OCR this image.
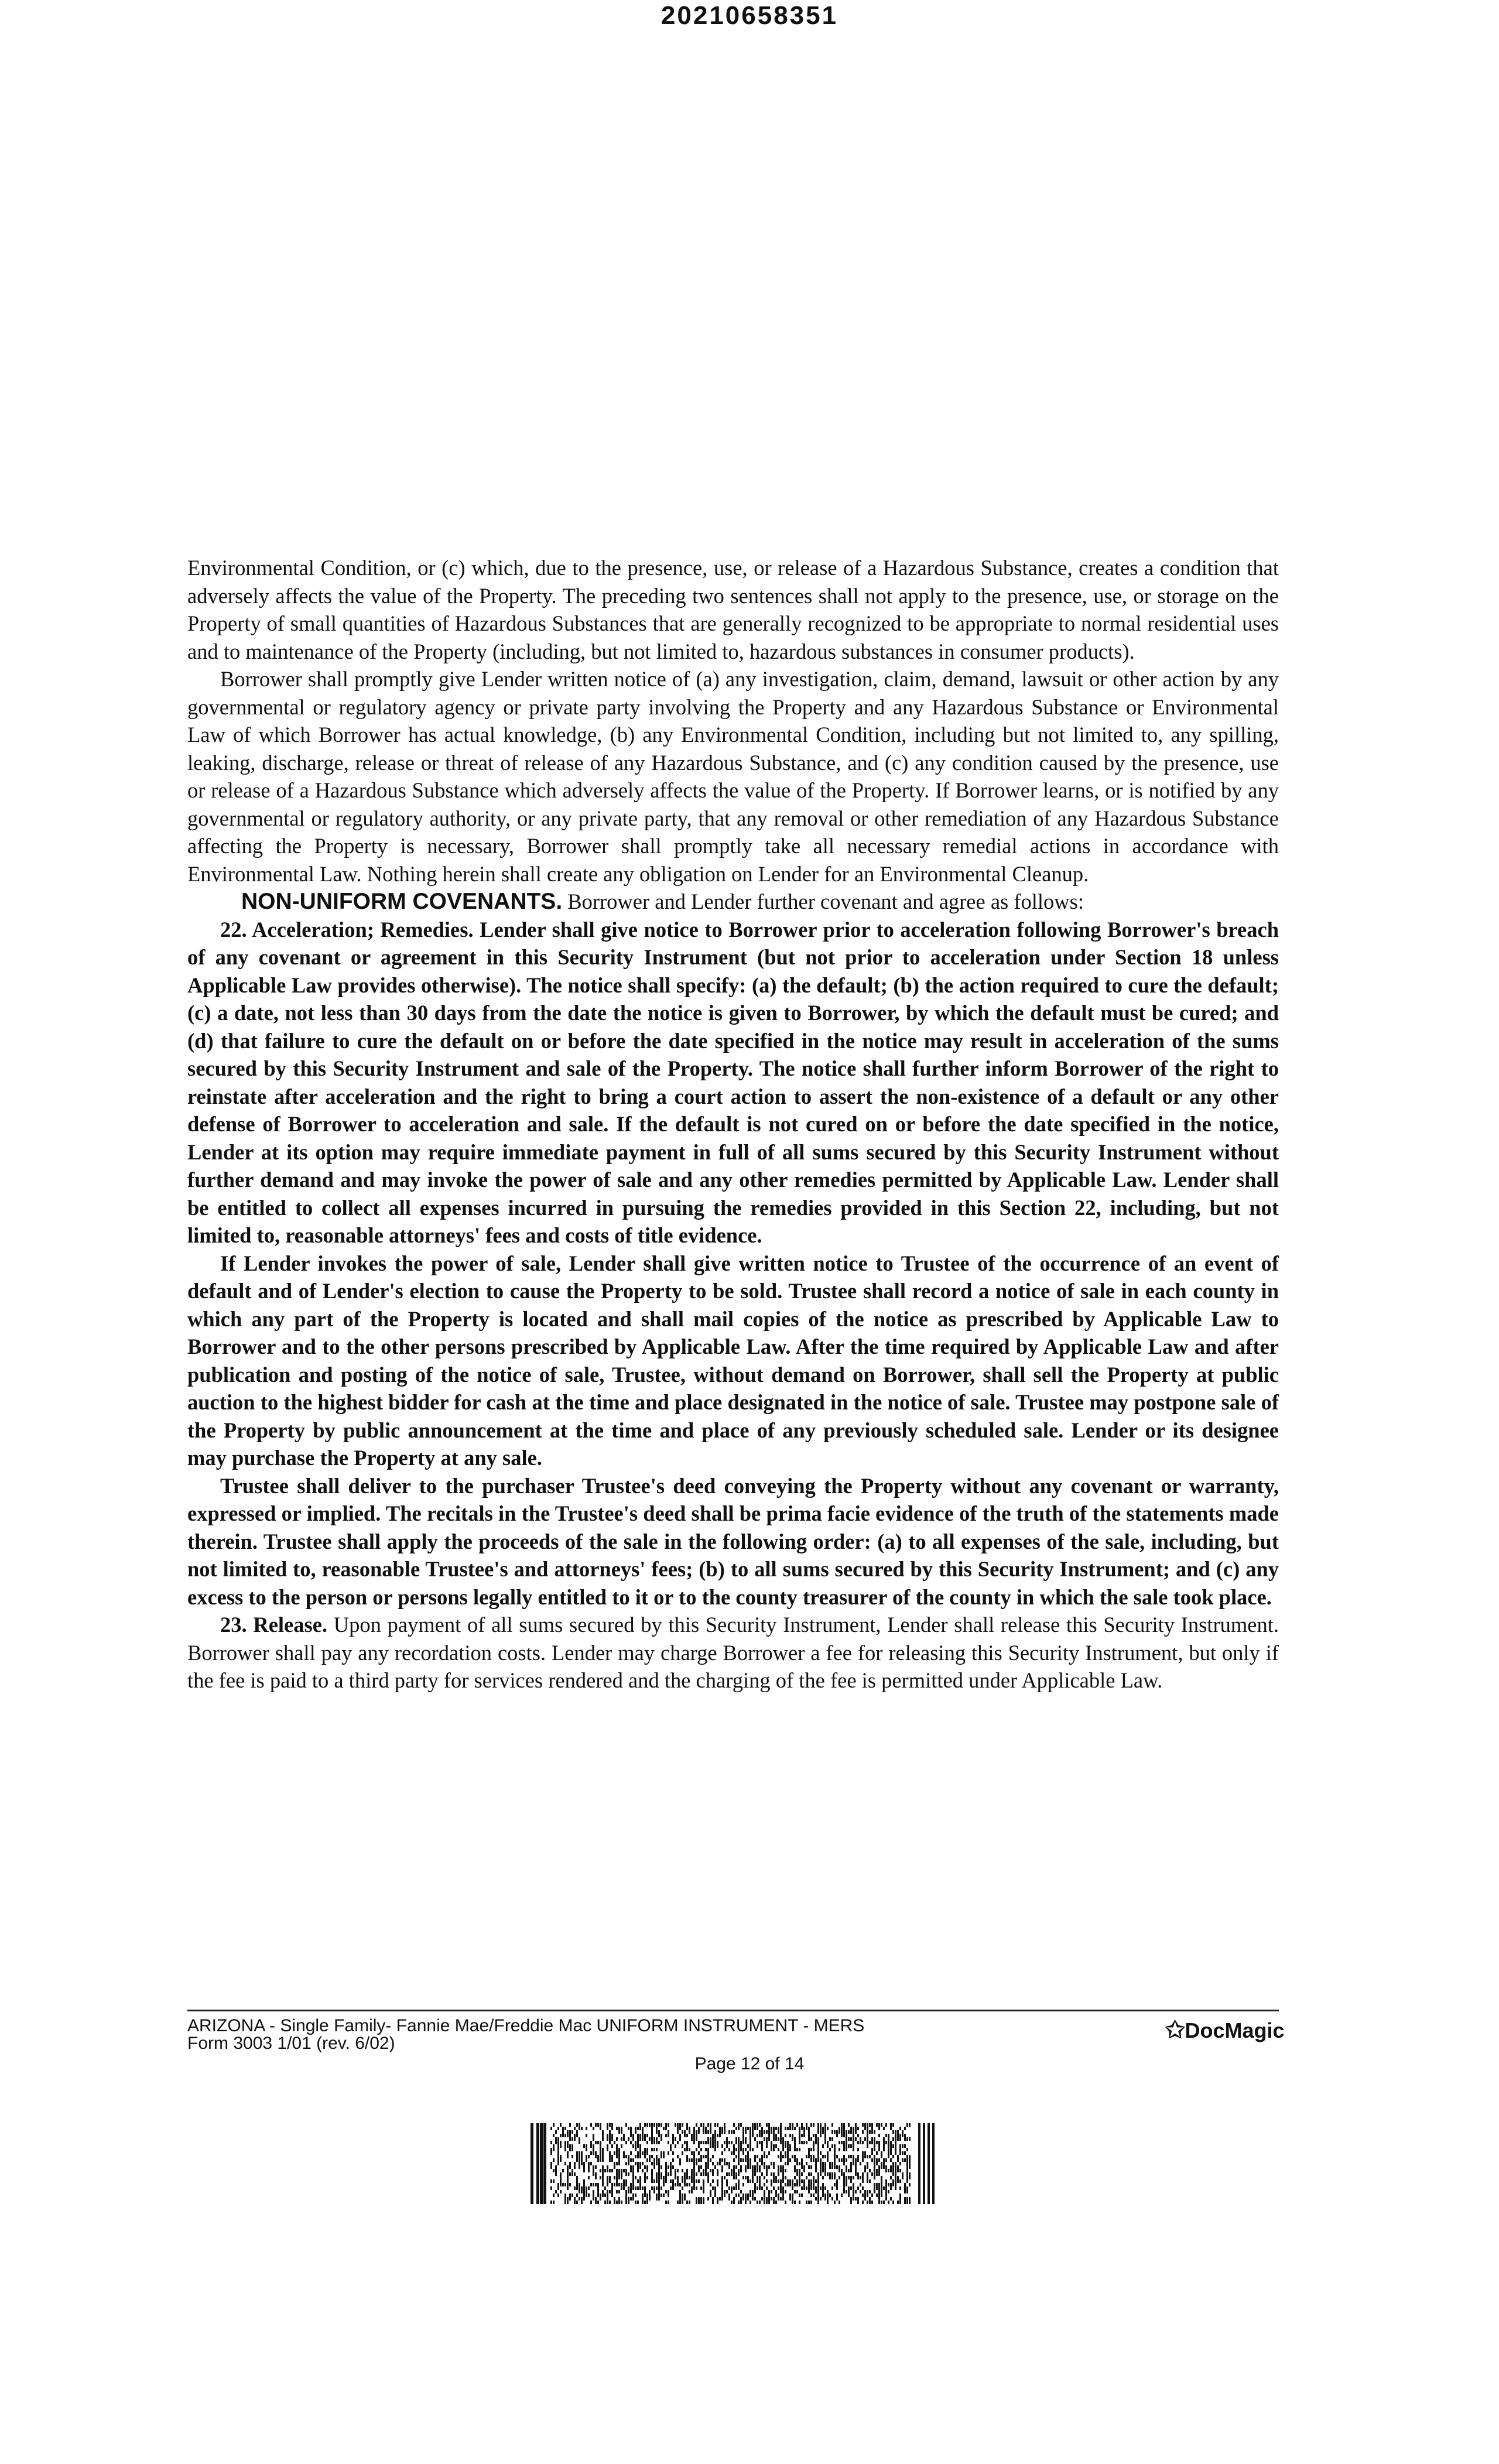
20210658351

Environmental Condition, or (c) which, due to the presence, use, or release of a Hazardous Substance, creates a condition that adversely affects the value of the Property. The preceding two sentences shall not apply to the presence, use, or storage on the Property of small quantities of Hazardous Substances that are generally recognized to be appropriate to normal residential uses and to maintenance of the Property (including, but not limited to, hazardous substances in consumer products).

Borrower shall promptly give Lender written notice of (a) any investigation, claim, demand, lawsuit or other action by any governmental or regulatory agency or private party involving the Property and any Hazardous Substance or Environmental Law of which Borrower has actual knowledge, (b) any Environmental Condition, including but not limited to, any spilling, leaking, discharge, release or threat of release of any Hazardous Substance, and (c) any condition caused by the presence, use or release of a Hazardous Substance which adversely affects the value of the Property. If Borrower learns, or is notified by any governmental or regulatory authority, or any private party, that any removal or other remediation of any Hazardous Substance affecting the Property is necessary, Borrower shall promptly take all necessary remedial actions in accordance with Environmental Law. Nothing herein shall create any obligation on Lender for an Environmental Cleanup.

NON-UNIFORM COVENANTS. Borrower and Lender further covenant and agree as follows:

22. Acceleration; Remedies. Lender shall give notice to Borrower prior to acceleration following Borrower's breach of any covenant or agreement in this Security Instrument (but not prior to acceleration under Section 18 unless Applicable Law provides otherwise). The notice shall specify: (a) the default; (b) the action required to cure the default; (c) a date, not less than 30 days from the date the notice is given to Borrower, by which the default must be cured; and (d) that failure to cure the default on or before the date specified in the notice may result in acceleration of the sums secured by this Security Instrument and sale of the Property. The notice shall further inform Borrower of the right to reinstate after acceleration and the right to bring a court action to assert the non-existence of a default or any other defense of Borrower to acceleration and sale. If the default is not cured on or before the date specified in the notice, Lender at its option may require immediate payment in full of all sums secured by this Security Instrument without further demand and may invoke the power of sale and any other remedies permitted by Applicable Law. Lender shall be entitled to collect all expenses incurred in pursuing the remedies provided in this Section 22, including, but not limited to, reasonable attorneys' fees and costs of title evidence.

If Lender invokes the power of sale, Lender shall give written notice to Trustee of the occurrence of an event of default and of Lender's election to cause the Property to be sold. Trustee shall record a notice of sale in each county in which any part of the Property is located and shall mail copies of the notice as prescribed by Applicable Law to Borrower and to the other persons prescribed by Applicable Law. After the time required by Applicable Law and after publication and posting of the notice of sale, Trustee, without demand on Borrower, shall sell the Property at public auction to the highest bidder for cash at the time and place designated in the notice of sale. Trustee may postpone sale of the Property by public announcement at the time and place of any previously scheduled sale. Lender or its designee may purchase the Property at any sale.

Trustee shall deliver to the purchaser Trustee's deed conveying the Property without any covenant or warranty, expressed or implied. The recitals in the Trustee's deed shall be prima facie evidence of the truth of the statements made therein. Trustee shall apply the proceeds of the sale in the following order: (a) to all expenses of the sale, including, but not limited to, reasonable Trustee's and attorneys' fees; (b) to all sums secured by this Security Instrument; and (c) any excess to the person or persons legally entitled to it or to the county treasurer of the county in which the sale took place.

23. Release. Upon payment of all sums secured by this Security Instrument, Lender shall release this Security Instrument. Borrower shall pay any recordation costs. Lender may charge Borrower a fee for releasing this Security Instrument, but only if the fee is paid to a third party for services rendered and the charging of the fee is permitted under Applicable Law.

ARIZONA - Single Family- Fannie Mae/Freddie Mac UNIFORM INSTRUMENT - MERS
Form 3003 1/01 (rev. 6/02)
✩DocMagic
Page 12 of 14
